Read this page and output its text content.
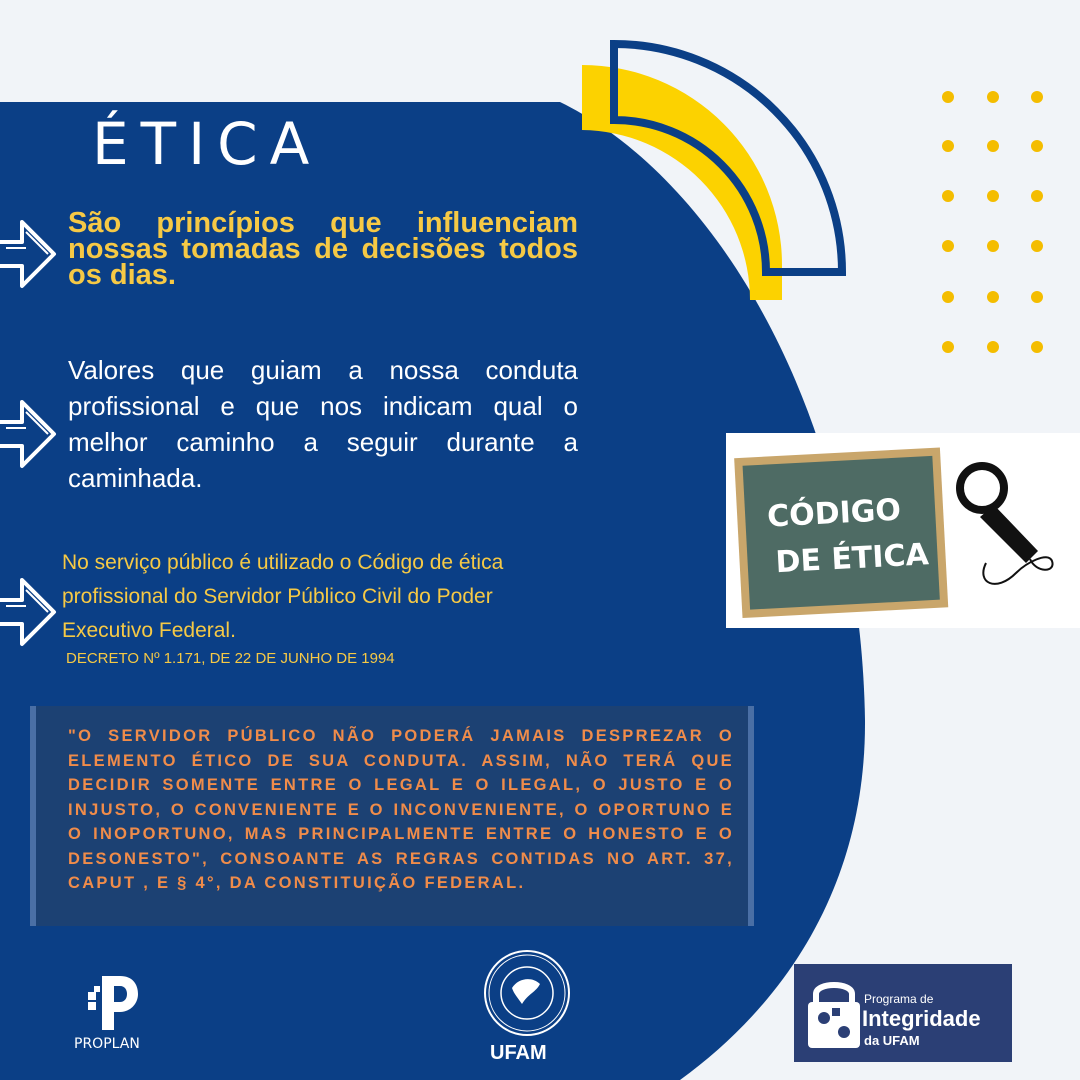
ÉTICA
São princípios que influenciam nossas tomadas de decisões todos os dias.
Valores que guiam a nossa conduta profissional e que nos indicam qual o melhor caminho a seguir durante a caminhada.
No serviço público é utilizado o Código de ética profissional do Servidor Público Civil do Poder Executivo Federal.
DECRETO Nº 1.171, DE 22 DE JUNHO DE 1994
"O SERVIDOR PÚBLICO NÃO PODERÁ JAMAIS DESPREZAR O ELEMENTO ÉTICO DE SUA CONDUTA. ASSIM, NÃO TERÁ QUE DECIDIR SOMENTE ENTRE O LEGAL E O ILEGAL, O JUSTO E O INJUSTO, O CONVENIENTE E O INCONVENIENTE, O OPORTUNO E O INOPORTUNO, MAS PRINCIPALMENTE ENTRE O HONESTO E O DESONESTO", CONSOANTE AS REGRAS CONTIDAS NO ART. 37, CAPUT , E § 4°, DA CONSTITUIÇÃO FEDERAL.
CÓDIGO
DE ÉTICA
PROPLAN	UFAM
Programa de
Integridade
da UFAM
